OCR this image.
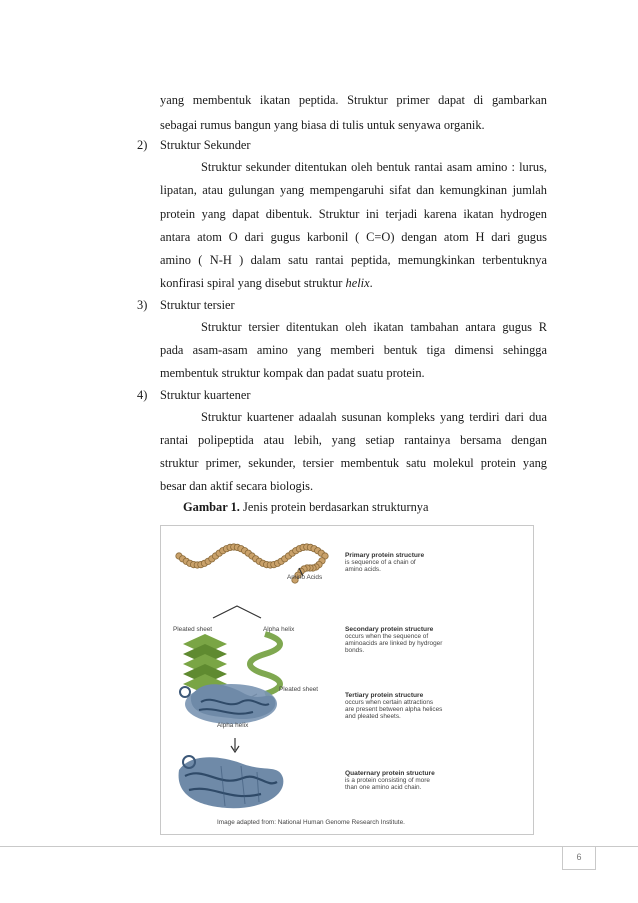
yang membentuk ikatan peptida. Struktur primer dapat di gambarkan
sebagai rumus bangun yang biasa di tulis untuk senyawa organik.
2) Struktur Sekunder
Struktur sekunder ditentukan oleh bentuk rantai asam amino : lurus,
lipatan, atau gulungan yang mempengaruhi sifat dan kemungkinan jumlah
protein yang dapat dibentuk. Struktur ini terjadi karena ikatan hydrogen
antara atom O dari gugus karbonil ( C=O) dengan atom H dari gugus
amino ( N-H ) dalam satu rantai peptida, memungkinkan terbentuknya
konfirasi spiral yang disebut struktur helix.
3) Struktur tersier
Struktur tersier ditentukan oleh ikatan tambahan antara gugus R
pada asam-asam amino yang memberi bentuk tiga dimensi sehingga
membentuk struktur kompak dan padat suatu protein.
4) Struktur kuartener
Struktur kuartener adaalah susunan kompleks yang terdiri dari dua
rantai polipeptida atau lebih, yang setiap rantainya bersama dengan
struktur primer, sekunder, tersier membentuk satu molekul protein yang
besar dan aktif secara biologis.
Gambar 1. Jenis protein berdasarkan strukturnya
Amino Acids
Pleated sheet	Alpha helix
Pleated sheet
Alpha helix
Primary protein structure
is sequence of a chain of
amino acids.
Secondary protein structure
occurs when the sequence of
aminoacids are linked by hydroger
bonds.
Tertiary protein structure
occurs when certain attractions
are present between alpha helices
and pleated sheets.
Quaternary protein structure
is a protein consisting of more
than one amino acid chain.
Image adapted from: National Human Genome Research Institute.
6
